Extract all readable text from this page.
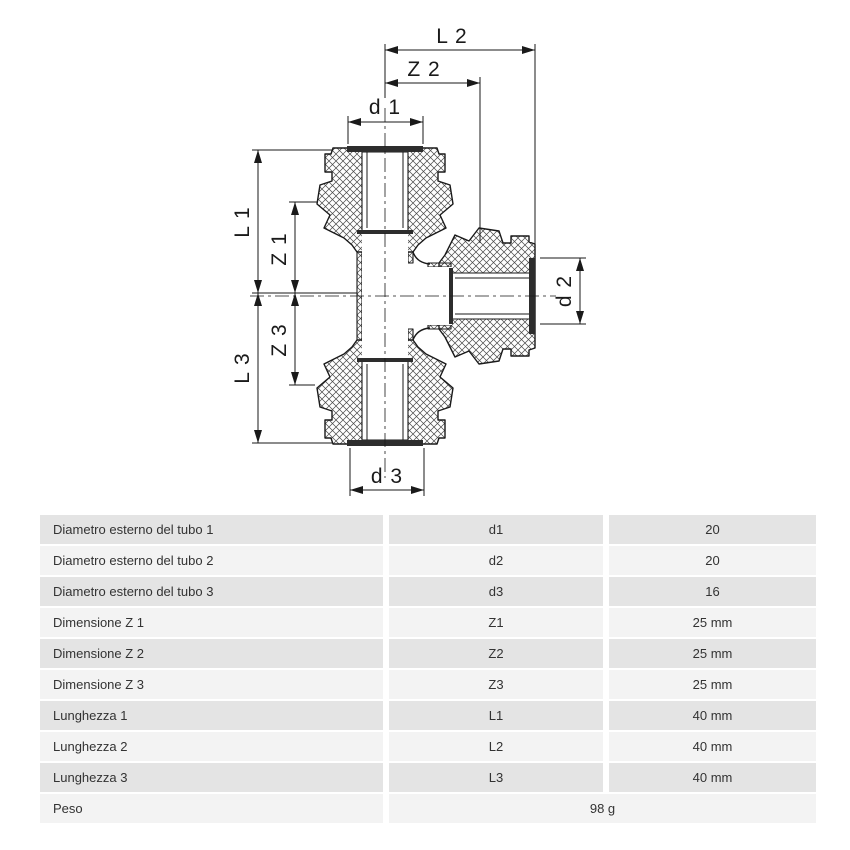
L 2
Z 2
d 1
L 1
Z 1
L 3
Z 3
d 2
d 3
Diametro esterno del tubo 1	d1	20
Diametro esterno del tubo 2	d2	20
Diametro esterno del tubo 3	d3	16
Dimensione Z 1	Z1	25 mm
Dimensione Z 2	Z2	25 mm
Dimensione Z 3	Z3	25 mm
Lunghezza 1	L1	40 mm
Lunghezza 2	L2	40 mm
Lunghezza 3	L3	40 mm
Peso	98 g
